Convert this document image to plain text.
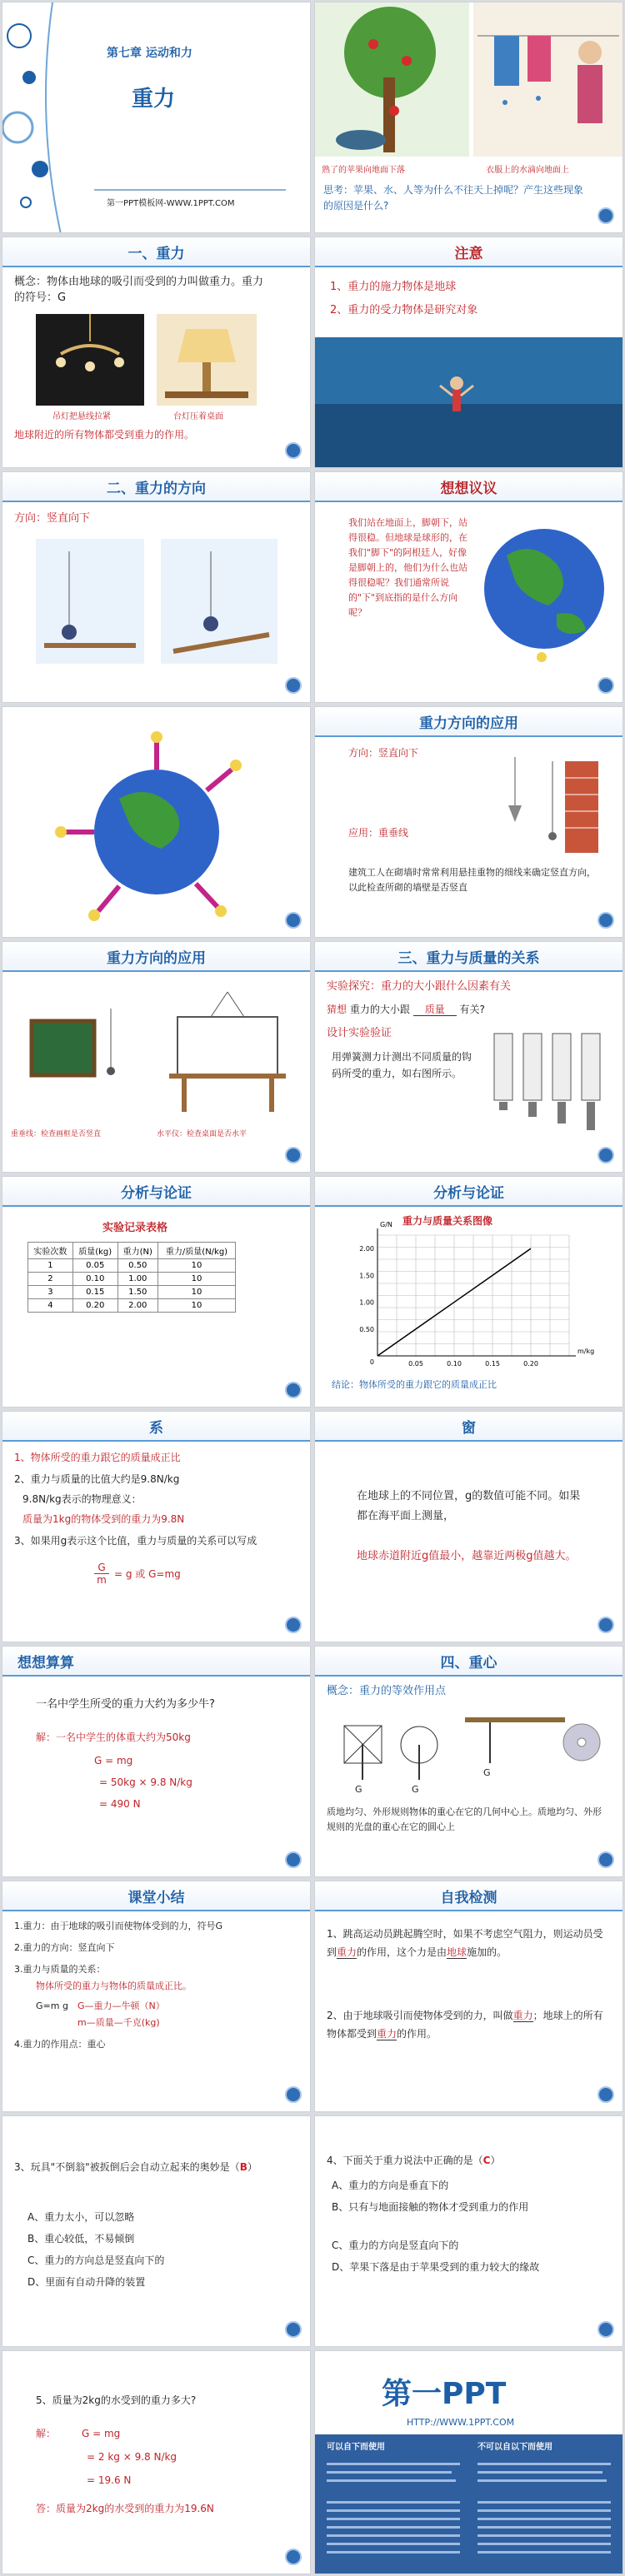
第七章 运动和力
重力
第一PPT模板网-WWW.1PPT.COM
熟了的苹果向地面下落	衣服上的水滴向地面上
思考：苹果、水、人等为什么不往天上掉呢？产生这些现象的原因是什么?
一、重力
概念：物体由地球的吸引而受到的力叫做重力。重力的符号：G
吊灯把悬线拉紧	台灯压着桌面
地球附近的所有物体都受到重力的作用。
注意
1、重力的施力物体是地球
2、重力的受力物体是研究对象
二、重力的方向
方向：竖直向下
想想议议
我们站在地面上，脚朝下，站得很稳。但地球是球形的，在我们"脚下"的阿根廷人，好像是脚朝上的，他们为什么也站得很稳呢？我们通常所说的"下"到底指的是什么方向呢？
重力方向的应用
方向：竖直向下
应用：重垂线
建筑工人在砌墙时常常利用悬挂重物的细线来确定竖直方向，以此检查所砌的墙壁是否竖直
重力方向的应用
重垂线：检查画框是否竖直	水平仪：检查桌面是否水平
三、重力与质量的关系
实验探究：重力的大小跟什么因素有关
猜想 重力的大小跟 质量 有关?
设计实验验证
用弹簧测力计测出不同质量的钩码所受的重力，如右图所示。
分析与论证
实验记录表格
实验次数	质量(kg)	重力(N)	重力/质量(N/kg)
1	0.05	0.50	10
2	0.10	1.00	10
3	0.15	1.50	10
4	0.20	2.00	10
分析与论证
重力与质量关系图像
0.05	0.10	0.15	0.20
0.50
1.00
1.50
2.00
0
m/kg
G/N
结论：物体所受的重力跟它的质量成正比
系
1、物体所受的重力跟它的质量成正比
2、重力与质量的比值大约是9.8N/kg
9.8N/kg表示的物理意义：
质量为1kg的物体受到的重力为9.8N
3、如果用g表示这个比值，重力与质量的关系可以写成
$\frac{G}{m} = g$ 或 G=mg
窗
在地球上的不同位置，g的数值可能不同。如果都在海平面上测量，
地球赤道附近g值最小，越靠近两极g值越大。
想想算算
一名中学生所受的重力大约为多少牛?
解：一名中学生的体重大约为50kg
G = mg
= 50kg × 9.8 N/kg
= 490 N
四、重心
概念：重力的等效作用点
G	G
G
质地均匀、外形规则物体的重心在它的几何中心上。质地均匀、外形规则的光盘的重心在它的圆心上
课堂小结
1.重力：由于地球的吸引而使物体受到的力，符号G
2.重力的方向：竖直向下
3.重力与质量的关系：
物体所受的重力与物体的质量成正比。
G=m g G—重力—牛顿（N）
m—质量—千克(kg)
4.重力的作用点：重心
自我检测
1、跳高运动员跳起腾空时，如果不考虑空气阻力，则运动员受到重力的作用，这个力是由地球施加的。
2、由于地球吸引而使物体受到的力，叫做重力；地球上的所有物体都受到重力的作用。
3、玩具"不倒翁"被扳倒后会自动立起来的奥妙是（B）
A、重力太小，可以忽略
B、重心较低，不易倾倒
C、重力的方向总是竖直向下的
D、里面有自动升降的装置
4、下面关于重力说法中正确的是（C）
A、重力的方向是垂直下的
B、只有与地面接触的物体才受到重力的作用
C、重力的方向是竖直向下的
D、苹果下落是由于苹果受到的重力较大的缘故
5、质量为2kg的水受到的重力多大?
解：	G = mg
= 2 kg × 9.8 N/kg
= 19.6 N
答：质量为2kg的水受到的重力为19.6N
第一PPT
HTTP://WWW.1PPT.COM
可以自下而使用	不可以自以下而使用
